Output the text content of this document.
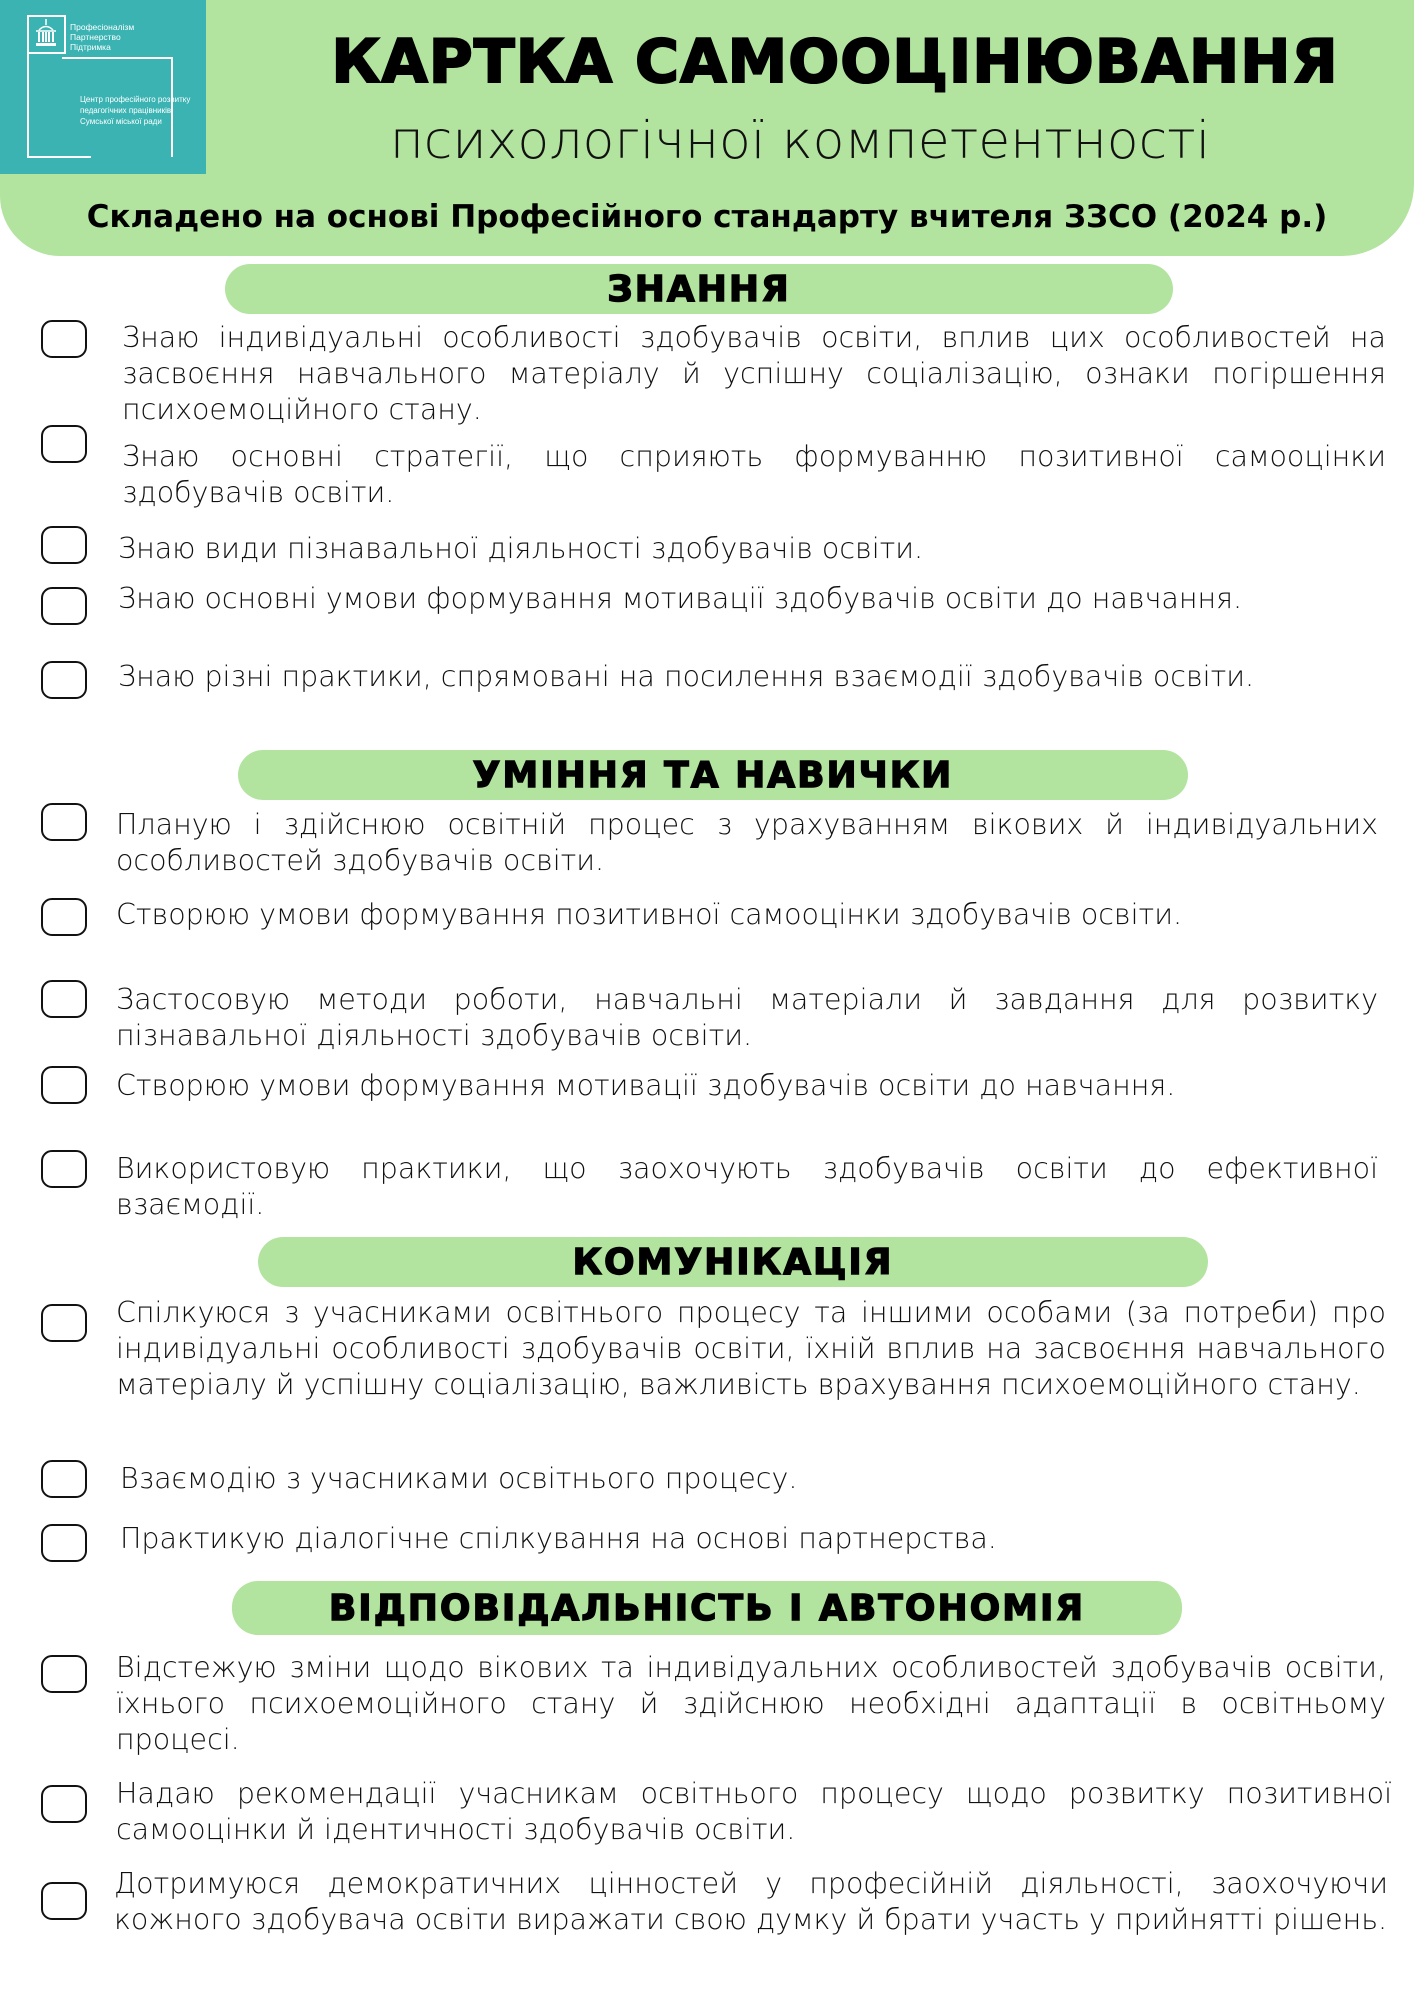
Професіоналізм
Партнерство
Підтримка
Центр професійного розвитку
педагогічних працівників
Сумської міської ради
КАРТКА САМООЦІНЮВАННЯ
психологічної компетентності
Складено на основі Професійного стандарту вчителя ЗЗСО (2024 р.)
ЗНАННЯ
Знаю індивідуальні особливості здобувачів освіти, вплив цих особливостей на засвоєння навчального матеріалу й успішну соціалізацію, ознаки погіршення психоемоційного стану.
Знаю основні стратегії, що сприяють формуванню позитивної самооцінки здобувачів освіти.
Знаю види пізнавальної діяльності здобувачів освіти.
Знаю основні умови формування мотивації здобувачів освіти до навчання.
Знаю різні практики, спрямовані на посилення взаємодії здобувачів освіти.
УМІННЯ ТА НАВИЧКИ
Планую і здійснюю освітній процес з урахуванням вікових й індивідуальних особливостей здобувачів освіти.
Створюю умови формування позитивної самооцінки здобувачів освіти.
Застосовую методи роботи, навчальні матеріали й завдання для розвитку пізнавальної діяльності здобувачів освіти.
Створюю умови формування мотивації здобувачів освіти до навчання.
Використовую практики, що заохочують здобувачів освіти до ефективної взаємодії.
КОМУНІКАЦІЯ
Спілкуюся з учасниками освітнього процесу та іншими особами (за потреби) про індивідуальні особливості здобувачів освіти, їхній вплив на засвоєння навчального матеріалу й успішну соціалізацію, важливість врахування психоемоційного стану.
Взаємодію з учасниками освітнього процесу.
Практикую діалогічне спілкування на основі партнерства.
ВІДПОВІДАЛЬНІСТЬ І АВТОНОМІЯ
Відстежую зміни щодо вікових та індивідуальних особливостей здобувачів освіти, їхнього психоемоційного стану й здійснюю необхідні адаптації в освітньому процесі.
Надаю рекомендації учасникам освітнього процесу щодо розвитку позитивної самооцінки й ідентичності здобувачів освіти.
Дотримуюся демократичних цінностей у професійній діяльності, заохочуючи кожного здобувача освіти виражати свою думку й брати участь у прийнятті рішень.
